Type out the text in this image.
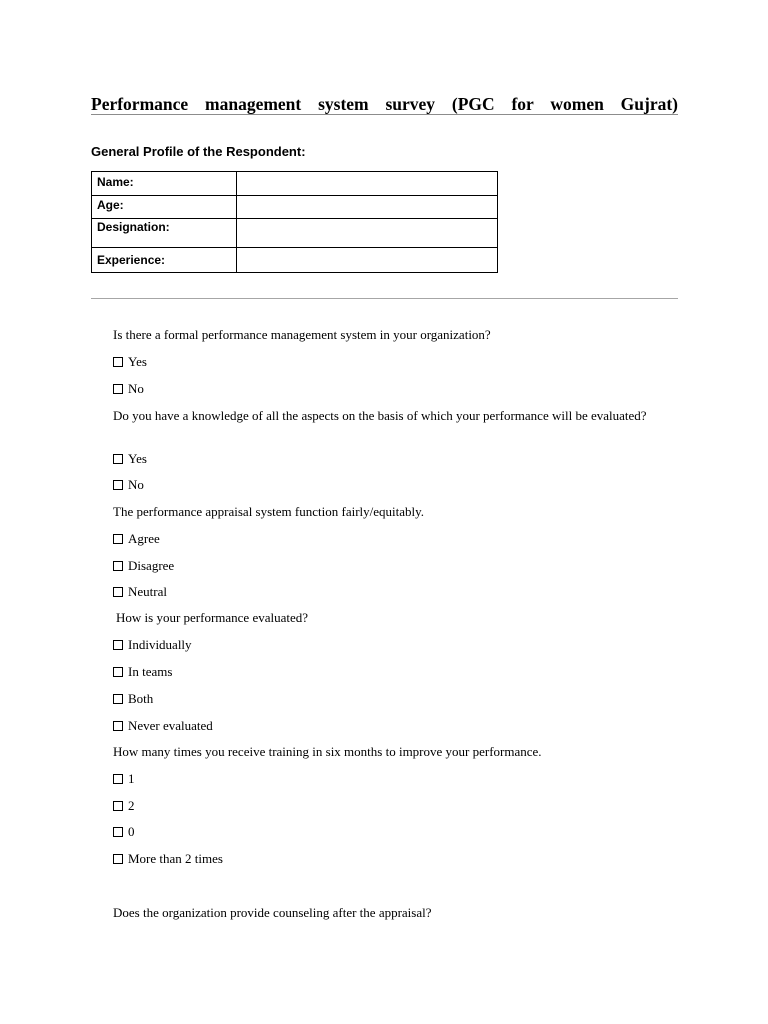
Performance management system survey (PGC for women Gujrat)
General Profile of the Respondent:
Name:	
Age:	
Designation:	
Experience:	
Is there a formal performance management system in your organization?
Yes
No
Do you have a knowledge of all the aspects on the basis of which your performance will be evaluated?
Yes
No
The performance appraisal system function fairly/equitably.
Agree
Disagree
Neutral
How is your performance evaluated?
Individually
In teams
Both
Never evaluated
How many times you receive training in six months to improve your performance.
1
2
0
More than 2 times
Does the organization provide counseling after the appraisal?
